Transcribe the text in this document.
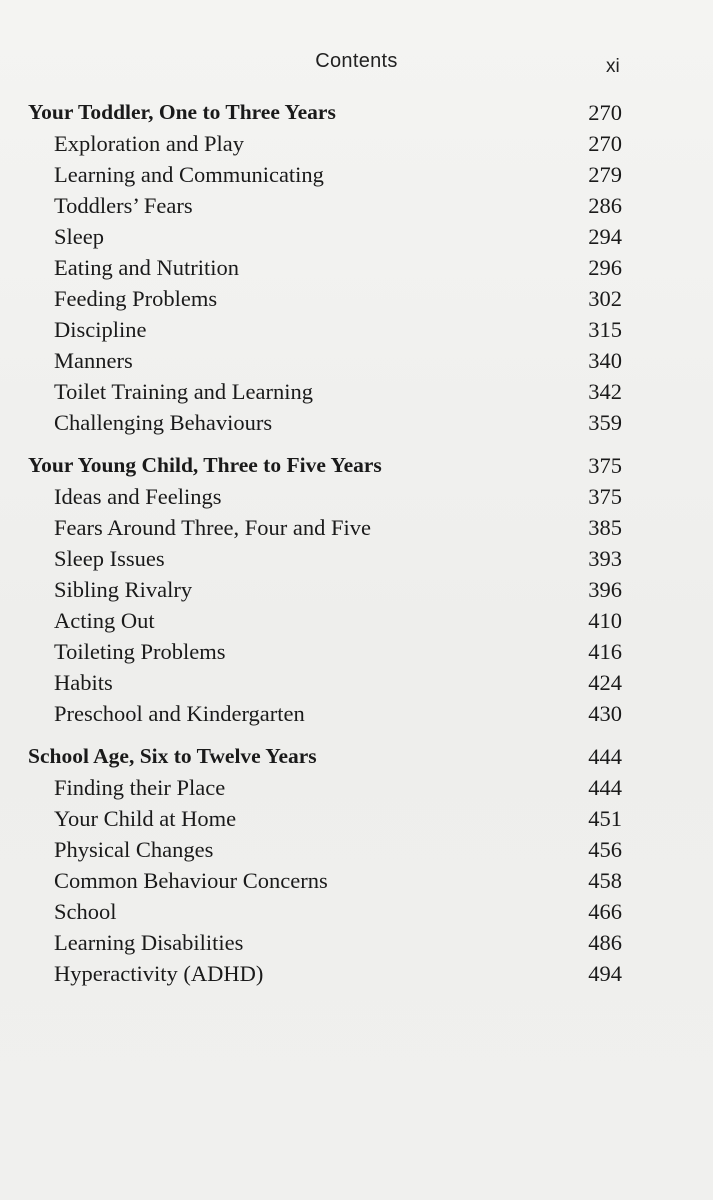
Contents	xi
Your Toddler, One to Three Years	270
Exploration and Play	270
Learning and Communicating	279
Toddlers’ Fears	286
Sleep	294
Eating and Nutrition	296
Feeding Problems	302
Discipline	315
Manners	340
Toilet Training and Learning	342
Challenging Behaviours	359
Your Young Child, Three to Five Years	375
Ideas and Feelings	375
Fears Around Three, Four and Five	385
Sleep Issues	393
Sibling Rivalry	396
Acting Out	410
Toileting Problems	416
Habits	424
Preschool and Kindergarten	430
School Age, Six to Twelve Years	444
Finding their Place	444
Your Child at Home	451
Physical Changes	456
Common Behaviour Concerns	458
School	466
Learning Disabilities	486
Hyperactivity (ADHD)	494
